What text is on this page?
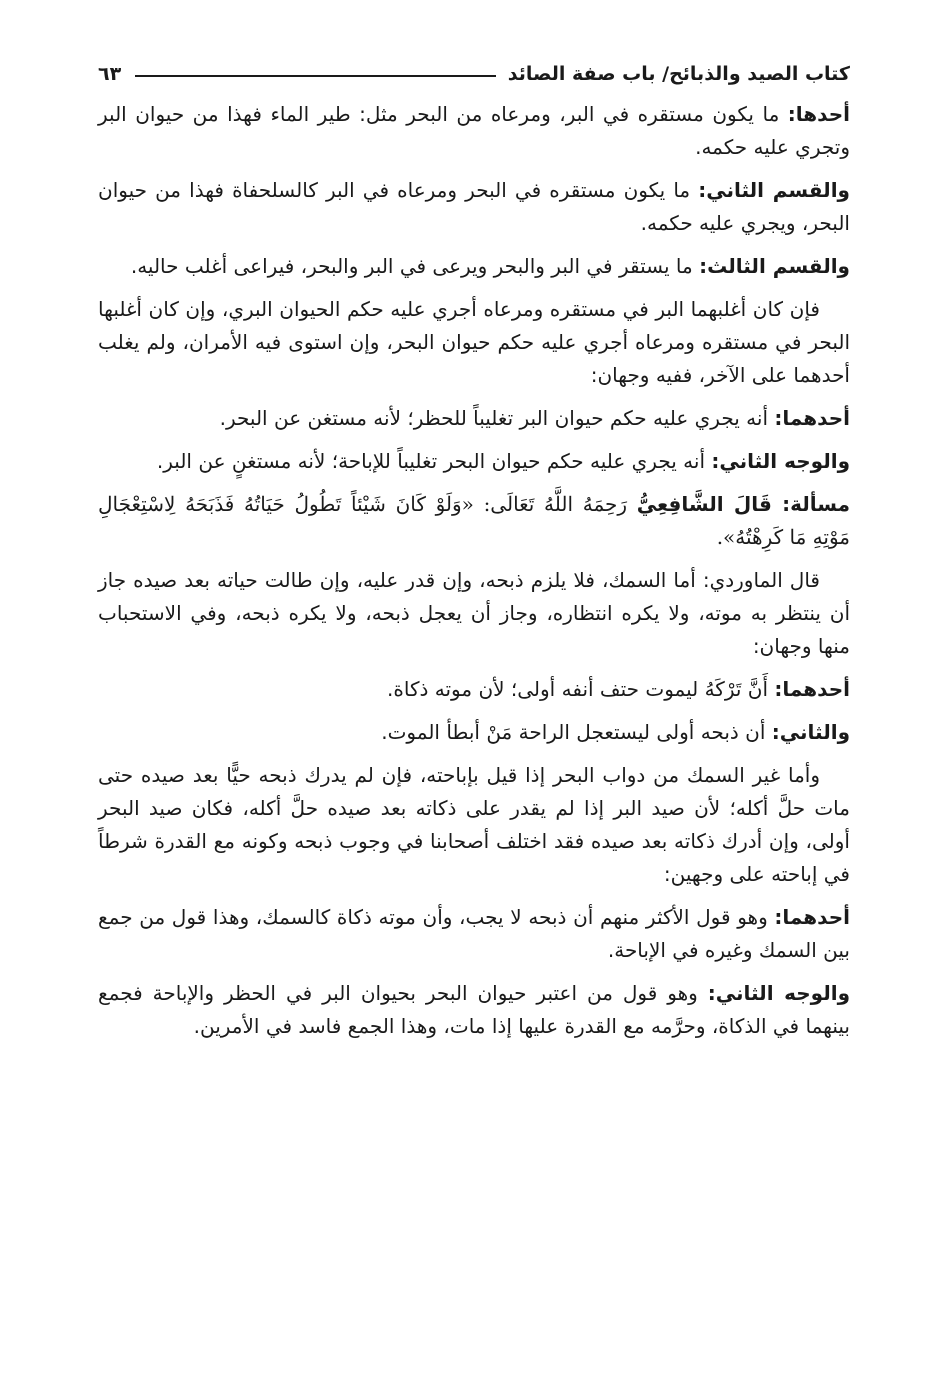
كتاب الصيد والذبائح/ باب صفة الصائد
٦٣

أحدها: ما يكون مستقره في البر، ومرعاه من البحر مثل: طير الماء فهذا من حيوان البر وتجري عليه حكمه.

والقسم الثاني: ما يكون مستقره في البحر ومرعاه في البر كالسلحفاة فهذا من حيوان البحر، ويجري عليه حكمه.

والقسم الثالث: ما يستقر في البر والبحر ويرعى في البر والبحر، فيراعى أغلب حاليه.

فإن كان أغلبهما البر في مستقره ومرعاه أجري عليه حكم الحيوان البري، وإن كان أغلبها البحر في مستقره ومرعاه أجري عليه حكم حيوان البحر، وإن استوى فيه الأمران، ولم يغلب أحدهما على الآخر، ففيه وجهان:

أحدهما: أنه يجري عليه حكم حيوان البر تغليباً للحظر؛ لأنه مستغن عن البحر.

والوجه الثاني: أنه يجري عليه حكم حيوان البحر تغليباً للإباحة؛ لأنه مستغنٍ عن البر.

مسألة: قَالَ الشَّافِعِيُّ رَحِمَهُ اللَّهُ تَعَالَى: «وَلَوْ كَانَ شَيْئاً تَطُولُ حَيَاتُهُ فَذَبَحَهُ لِاسْتِعْجَالِ مَوْتِهِ مَا كَرِهْتُهُ».

قال الماوردي: أما السمك، فلا يلزم ذبحه، وإن قدر عليه، وإن طالت حياته بعد صيده جاز أن ينتظر به موته، ولا يكره انتظاره، وجاز أن يعجل ذبحه، ولا يكره ذبحه، وفي الاستحباب منها وجهان:

أحدهما: أَنَّ تَرْكَهُ ليموت حتف أنفه أولى؛ لأن موته ذكاة.

والثاني: أن ذبحه أولى ليستعجل الراحة مَنْ أبطأ الموت.

وأما غير السمك من دواب البحر إذا قيل بإباحته، فإن لم يدرك ذبحه حيًّا بعد صيده حتى مات حلَّ أكله؛ لأن صيد البر إذا لم يقدر على ذكاته بعد صيده حلَّ أكله، فكان صيد البحر أولى، وإن أدرك ذكاته بعد صيده فقد اختلف أصحابنا في وجوب ذبحه وكونه مع القدرة شرطاً في إباحته على وجهين:

أحدهما: وهو قول الأكثر منهم أن ذبحه لا يجب، وأن موته ذكاة كالسمك، وهذا قول من جمع بين السمك وغيره في الإباحة.

والوجه الثاني: وهو قول من اعتبر حيوان البحر بحيوان البر في الحظر والإباحة فجمع بينهما في الذكاة، وحرَّمه مع القدرة عليها إذا مات، وهذا الجمع فاسد في الأمرين.
